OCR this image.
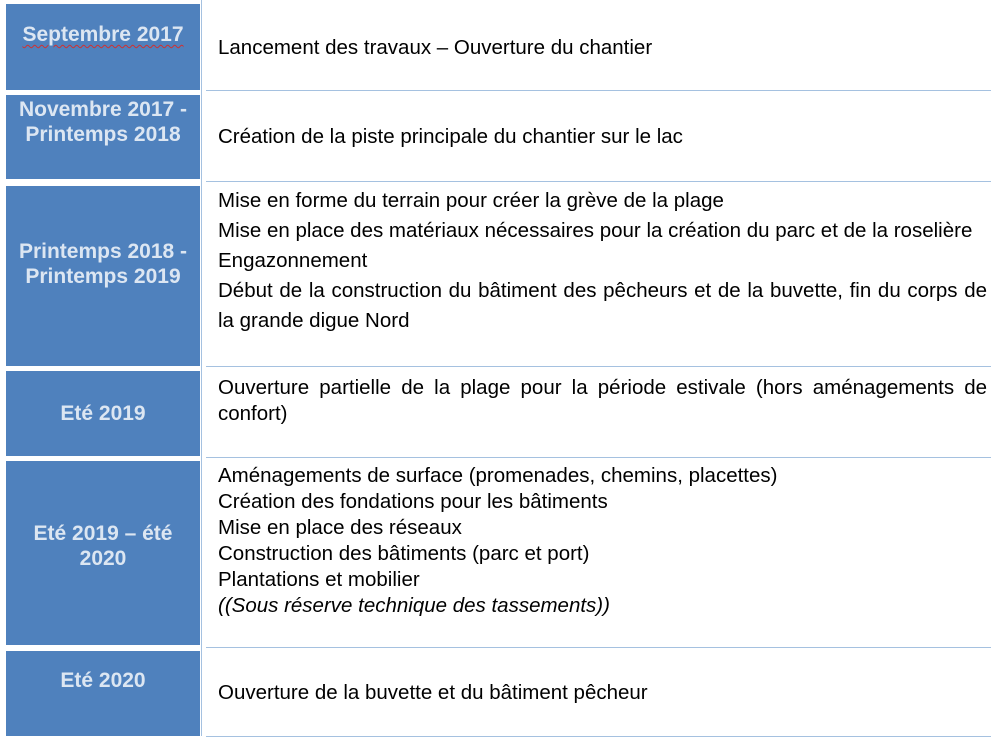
Septembre 2017
Lancement des travaux – Ouverture du chantier
Novembre 2017 - Printemps 2018	Création de la piste principale du chantier sur le lac
Printemps 2018 - Printemps 2019
Mise en forme du terrain pour créer la grève de la plage
Mise en place des matériaux nécessaires pour la création du parc et de la roselière
Engazonnement
Début de la construction du bâtiment des pêcheurs et de la buvette, fin du corps de la grande digue Nord
Eté 2019
Ouverture partielle de la plage pour la période estivale (hors aménagements de confort)
Eté 2019 – été 2020
Aménagements de surface (promenades, chemins, placettes)
Création des fondations pour les bâtiments
Mise en place des réseaux
Construction des bâtiments (parc et port)
Plantations et mobilier
((Sous réserve technique des tassements))
Eté 2020
Ouverture de la buvette et du bâtiment pêcheur
